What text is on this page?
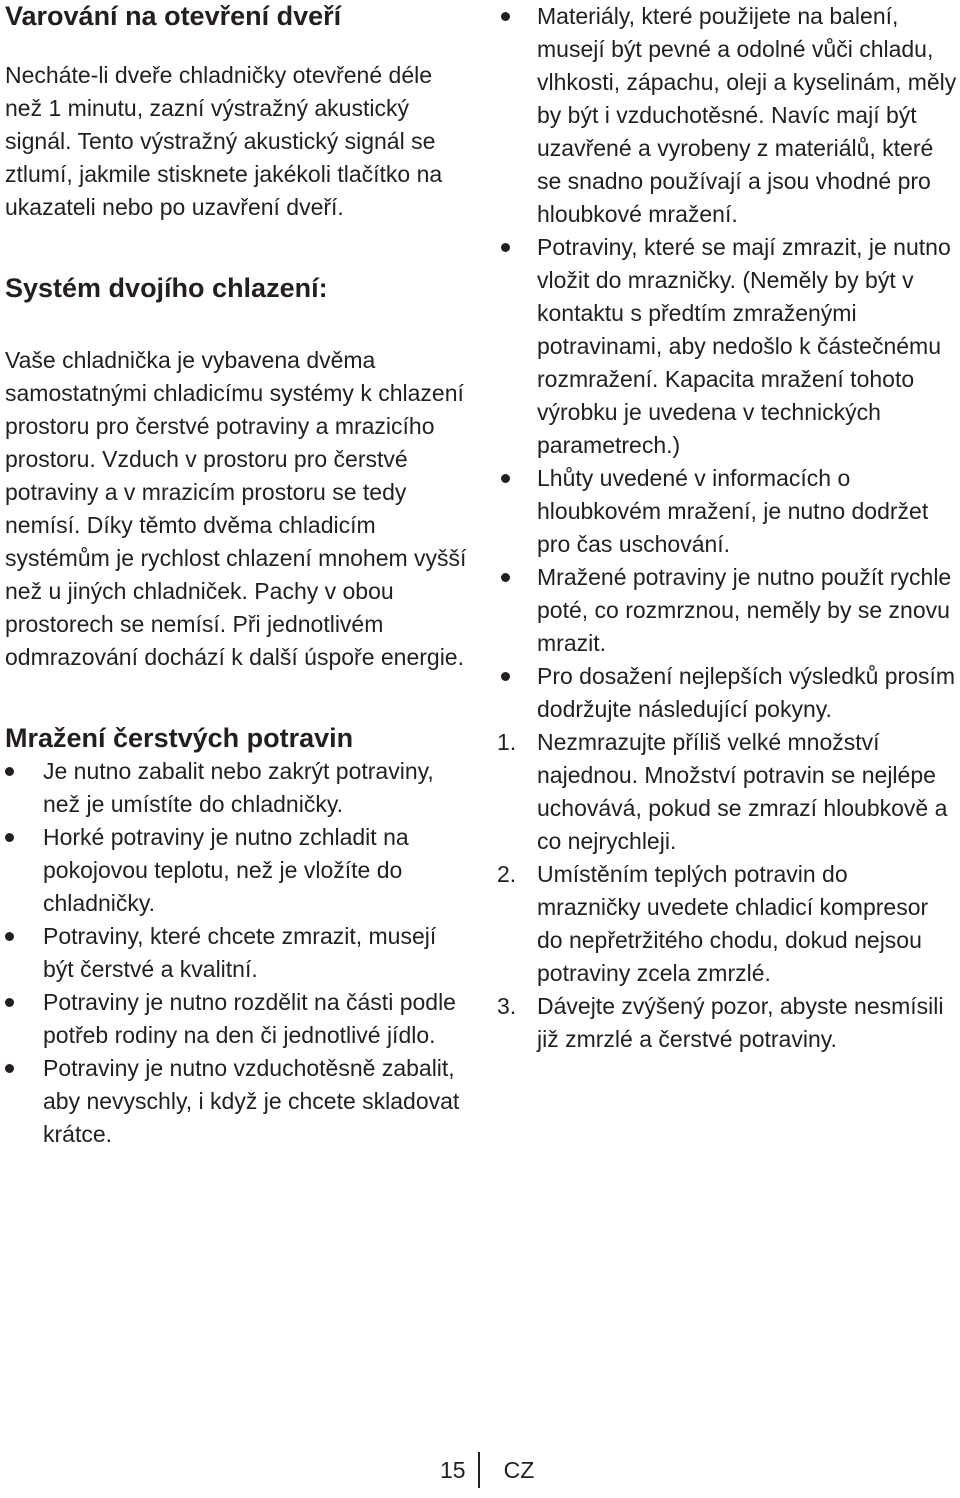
Varování na otevření dveří

Necháte-li dveře chladničky otevřené déle než 1 minutu, zazní výstražný akustický signál. Tento výstražný akustický signál se ztlumí, jakmile stisknete jakékoli tlačítko na ukazateli nebo po uzavření dveří.

Systém dvojího chlazení:

Vaše chladnička je vybavena dvěma samostatnými chladicímu systémy k chlazení prostoru pro čerstvé potraviny a mrazicího prostoru. Vzduch v prostoru pro čerstvé potraviny a v mrazicím prostoru se tedy nemísí. Díky těmto dvěma chladicím systémům je rychlost chlazení mnohem vyšší než u jiných chladniček. Pachy v obou prostorech se nemísí. Při jednotlivém odmrazování dochází k další úspoře energie.

Mražení čerstvých potravin
Je nutno zabalit nebo zakrýt potraviny, než je umístíte do chladničky.
Horké potraviny je nutno zchladit na pokojovou teplotu, než je vložíte do chladničky.
Potraviny, které chcete zmrazit, musejí být čerstvé a kvalitní.
Potraviny je nutno rozdělit na části podle potřeb rodiny na den či jednotlivé jídlo.
Potraviny je nutno vzduchotěsně zabalit, aby nevyschly, i když je chcete skladovat krátce.
Materiály, které použijete na balení, musejí být pevné a odolné vůči chladu, vlhkosti, zápachu, oleji a kyselinám, měly by být i vzduchotěsné. Navíc mají být uzavřené a vyrobeny z materiálů, které se snadno používají a jsou vhodné pro hloubkové mražení.
Potraviny, které se mají zmrazit, je nutno vložit do mrazničky. (Neměly by být v kontaktu s předtím zmraženými potravinami, aby nedošlo k částečnému rozmražení. Kapacita mražení tohoto výrobku je uvedena v technických parametrech.)
Lhůty uvedené v informacích o hloubkovém mražení, je nutno dodržet pro čas uschování.
Mražené potraviny je nutno použít rychle poté, co rozmrznou, neměly by se znovu mrazit.
Pro dosažení nejlepších výsledků prosím dodržujte následující pokyny.
1. Nezmrazujte příliš velké množství najednou. Množství potravin se nejlépe uchovává, pokud se zmrazí hloubkově a co nejrychleji.
2. Umístěním teplých potravin do mrazničky uvedete chladicí kompresor do nepřetržitého chodu, dokud nejsou potraviny zcela zmrzlé.
3. Dávejte zvýšený pozor, abyste nesmísili již zmrzlé a čerstvé potraviny.
15 CZ
